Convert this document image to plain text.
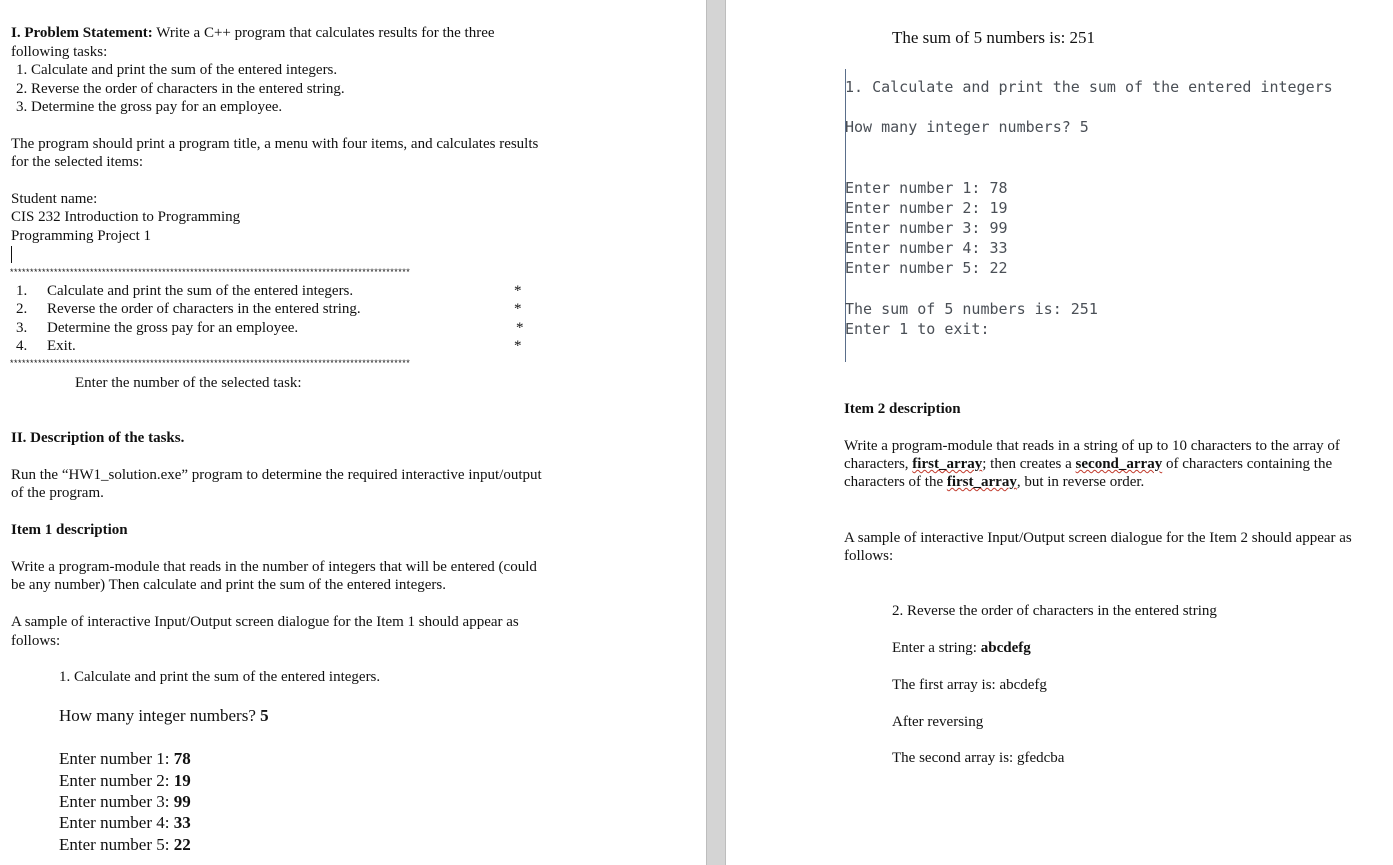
I. Problem Statement: Write a C++ program that calculates results for the three
following tasks:
1. Calculate and print the sum of the entered integers.
2. Reverse the order of characters in the entered string.
3. Determine the gross pay for an employee.
The program should print a program title, a menu with four items, and calculates results
for the selected items:
Student name:
CIS 232 Introduction to Programming
Programming Project 1
****************************************************************************************************
1. Calculate and print the sum of the entered integers.	*
2. Reverse the order of characters in the entered string.	*
3. Determine the gross pay for an employee.	*
4. Exit.	*
****************************************************************************************************
Enter the number of the selected task:
II. Description of the tasks.
Run the “HW1_solution.exe” program to determine the required interactive input/output
of the program.
Item 1 description
Write a program-module that reads in the number of integers that will be entered (could
be any number) Then calculate and print the sum of the entered integers.
A sample of interactive Input/Output screen dialogue for the Item 1 should appear as
follows:
1. Calculate and print the sum of the entered integers.
How many integer numbers? 5
Enter number 1: 78
Enter number 2: 19
Enter number 3: 99
Enter number 4: 33
Enter number 5: 22
The sum of 5 numbers is: 251
1. Calculate and print the sum of the entered integers
How many integer numbers? 5
Enter number 1: 78
Enter number 2: 19
Enter number 3: 99
Enter number 4: 33
Enter number 5: 22
The sum of 5 numbers is: 251
Enter 1 to exit:
Item 2 description
Write a program-module that reads in a string of up to 10 characters to the array of
characters, first_array; then creates a second_array of characters containing the
characters of the first_array, but in reverse order.
A sample of interactive Input/Output screen dialogue for the Item 2 should appear as
follows:
2. Reverse the order of characters in the entered string
Enter a string: abcdefg
The first array is: abcdefg
After reversing
The second array is: gfedcba
